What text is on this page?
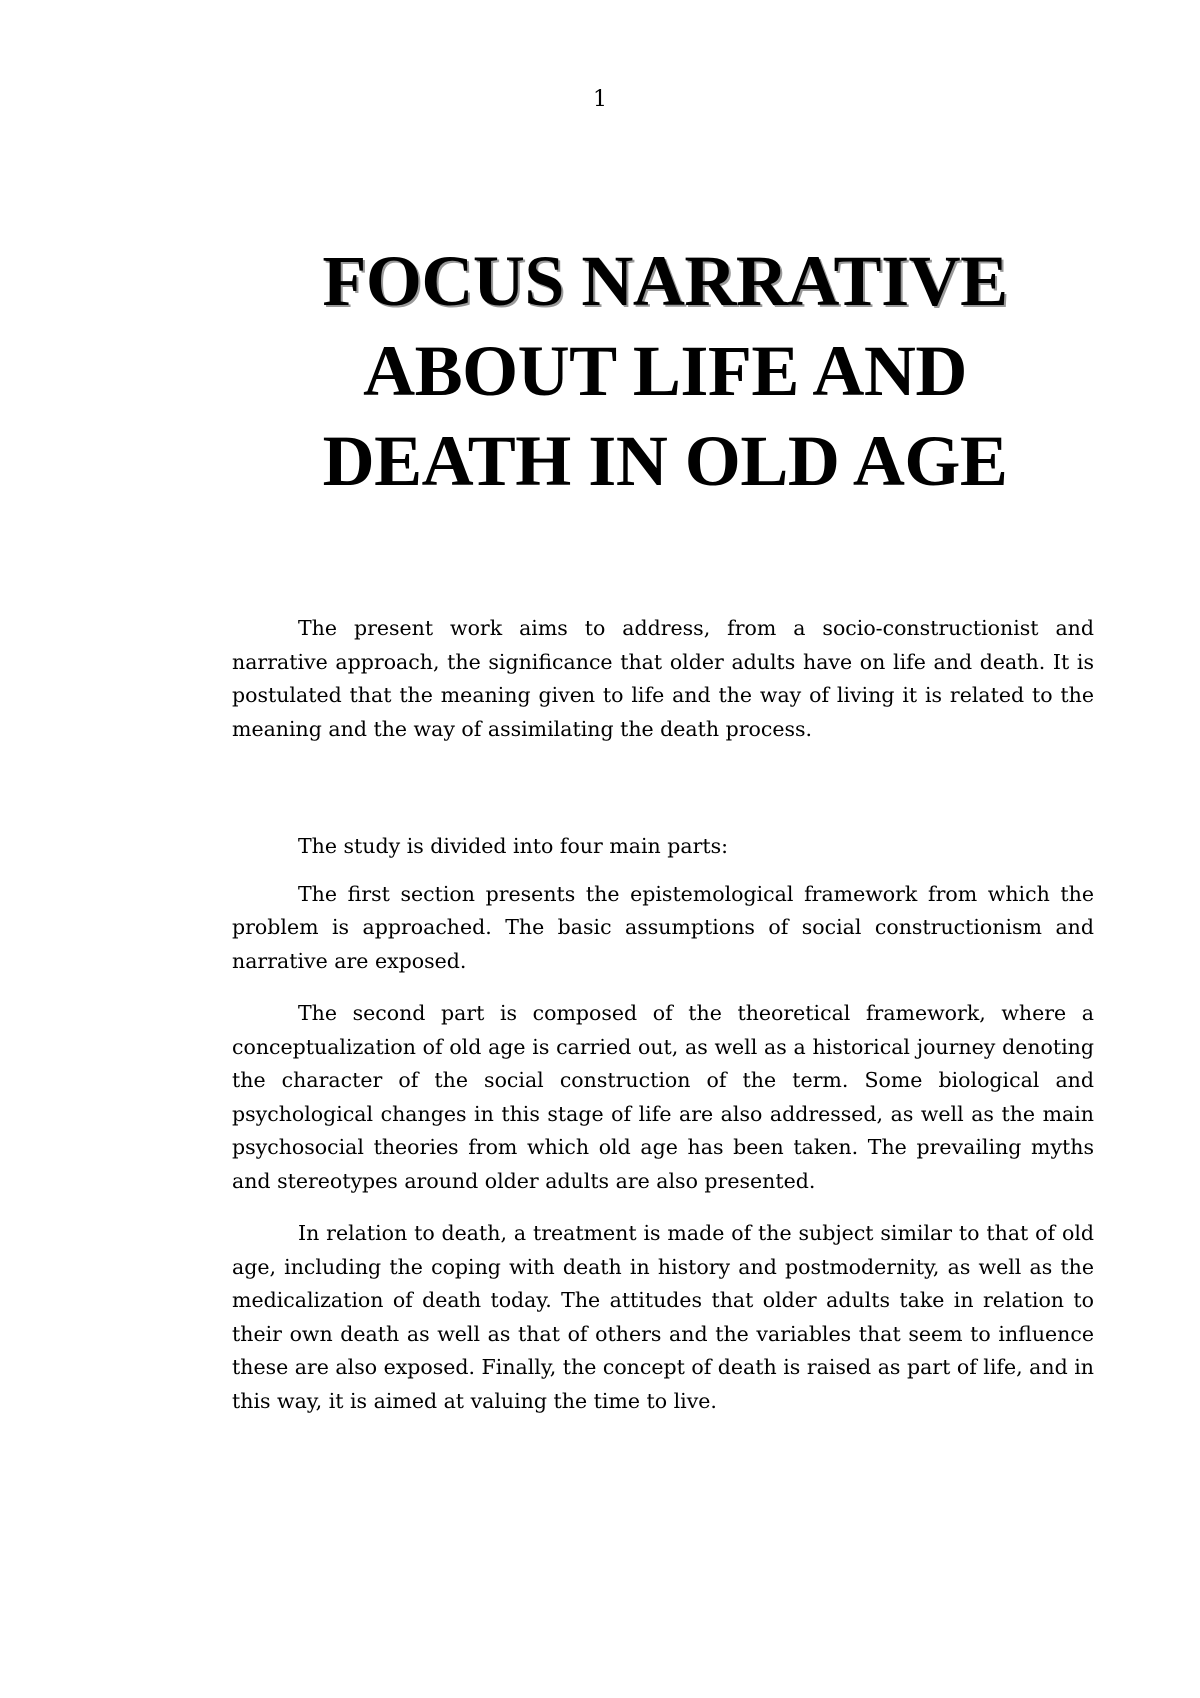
1
FOCUS NARRATIVE
ABOUT LIFE AND
DEATH IN OLD AGE

The present work aims to address, from a socio-constructionist and narrative approach, the significance that older adults have on life and death. It is postulated that the meaning given to life and the way of living it is related to the meaning and the way of assimilating the death process.

The study is divided into four main parts:

The first section presents the epistemological framework from which the problem is approached. The basic assumptions of social constructionism and narrative are exposed.

The second part is composed of the theoretical framework, where a conceptualization of old age is carried out, as well as a historical journey denoting the character of the social construction of the term. Some biological and psychological changes in this stage of life are also addressed, as well as the main psychosocial theories from which old age has been taken. The prevailing myths and stereotypes around older adults are also presented.

In relation to death, a treatment is made of the subject similar to that of old age, including the coping with death in history and postmodernity, as well as the medicalization of death today. The attitudes that older adults take in relation to their own death as well as that of others and the variables that seem to influence these are also exposed. Finally, the concept of death is raised as part of life, and in this way, it is aimed at valuing the time to live.
